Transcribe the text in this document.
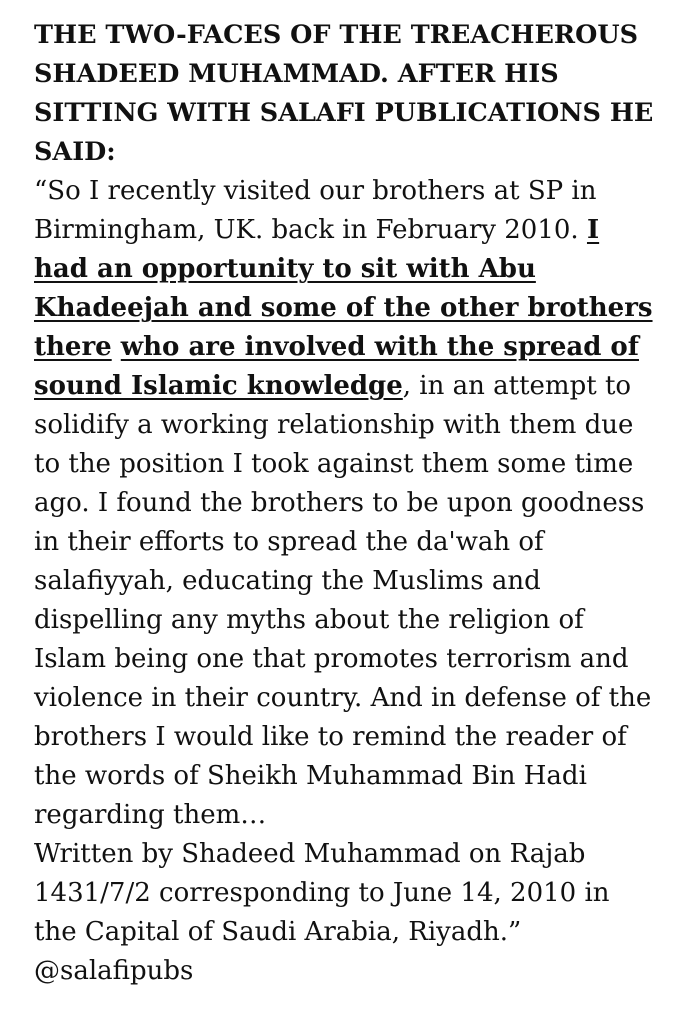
THE TWO-FACES OF THE TREACHEROUS
SHADEED MUHAMMAD. AFTER HIS
SITTING WITH SALAFI PUBLICATIONS HE
SAID:
“So I recently visited our brothers at SP in
Birmingham, UK. back in February 2010. I
had an opportunity to sit with Abu
Khadeejah and some of the other brothers
there who are involved with the spread of
sound Islamic knowledge, in an attempt to
solidify a working relationship with them due
to the position I took against them some time
ago. I found the brothers to be upon goodness
in their efforts to spread the da'wah of
salafiyyah, educating the Muslims and
dispelling any myths about the religion of
Islam being one that promotes terrorism and
violence in their country. And in defense of the
brothers I would like to remind the reader of
the words of Sheikh Muhammad Bin Hadi
regarding them…
Written by Shadeed Muhammad on Rajab
1431/7/2 corresponding to June 14, 2010 in
the Capital of Saudi Arabia, Riyadh.”
@salafipubs
